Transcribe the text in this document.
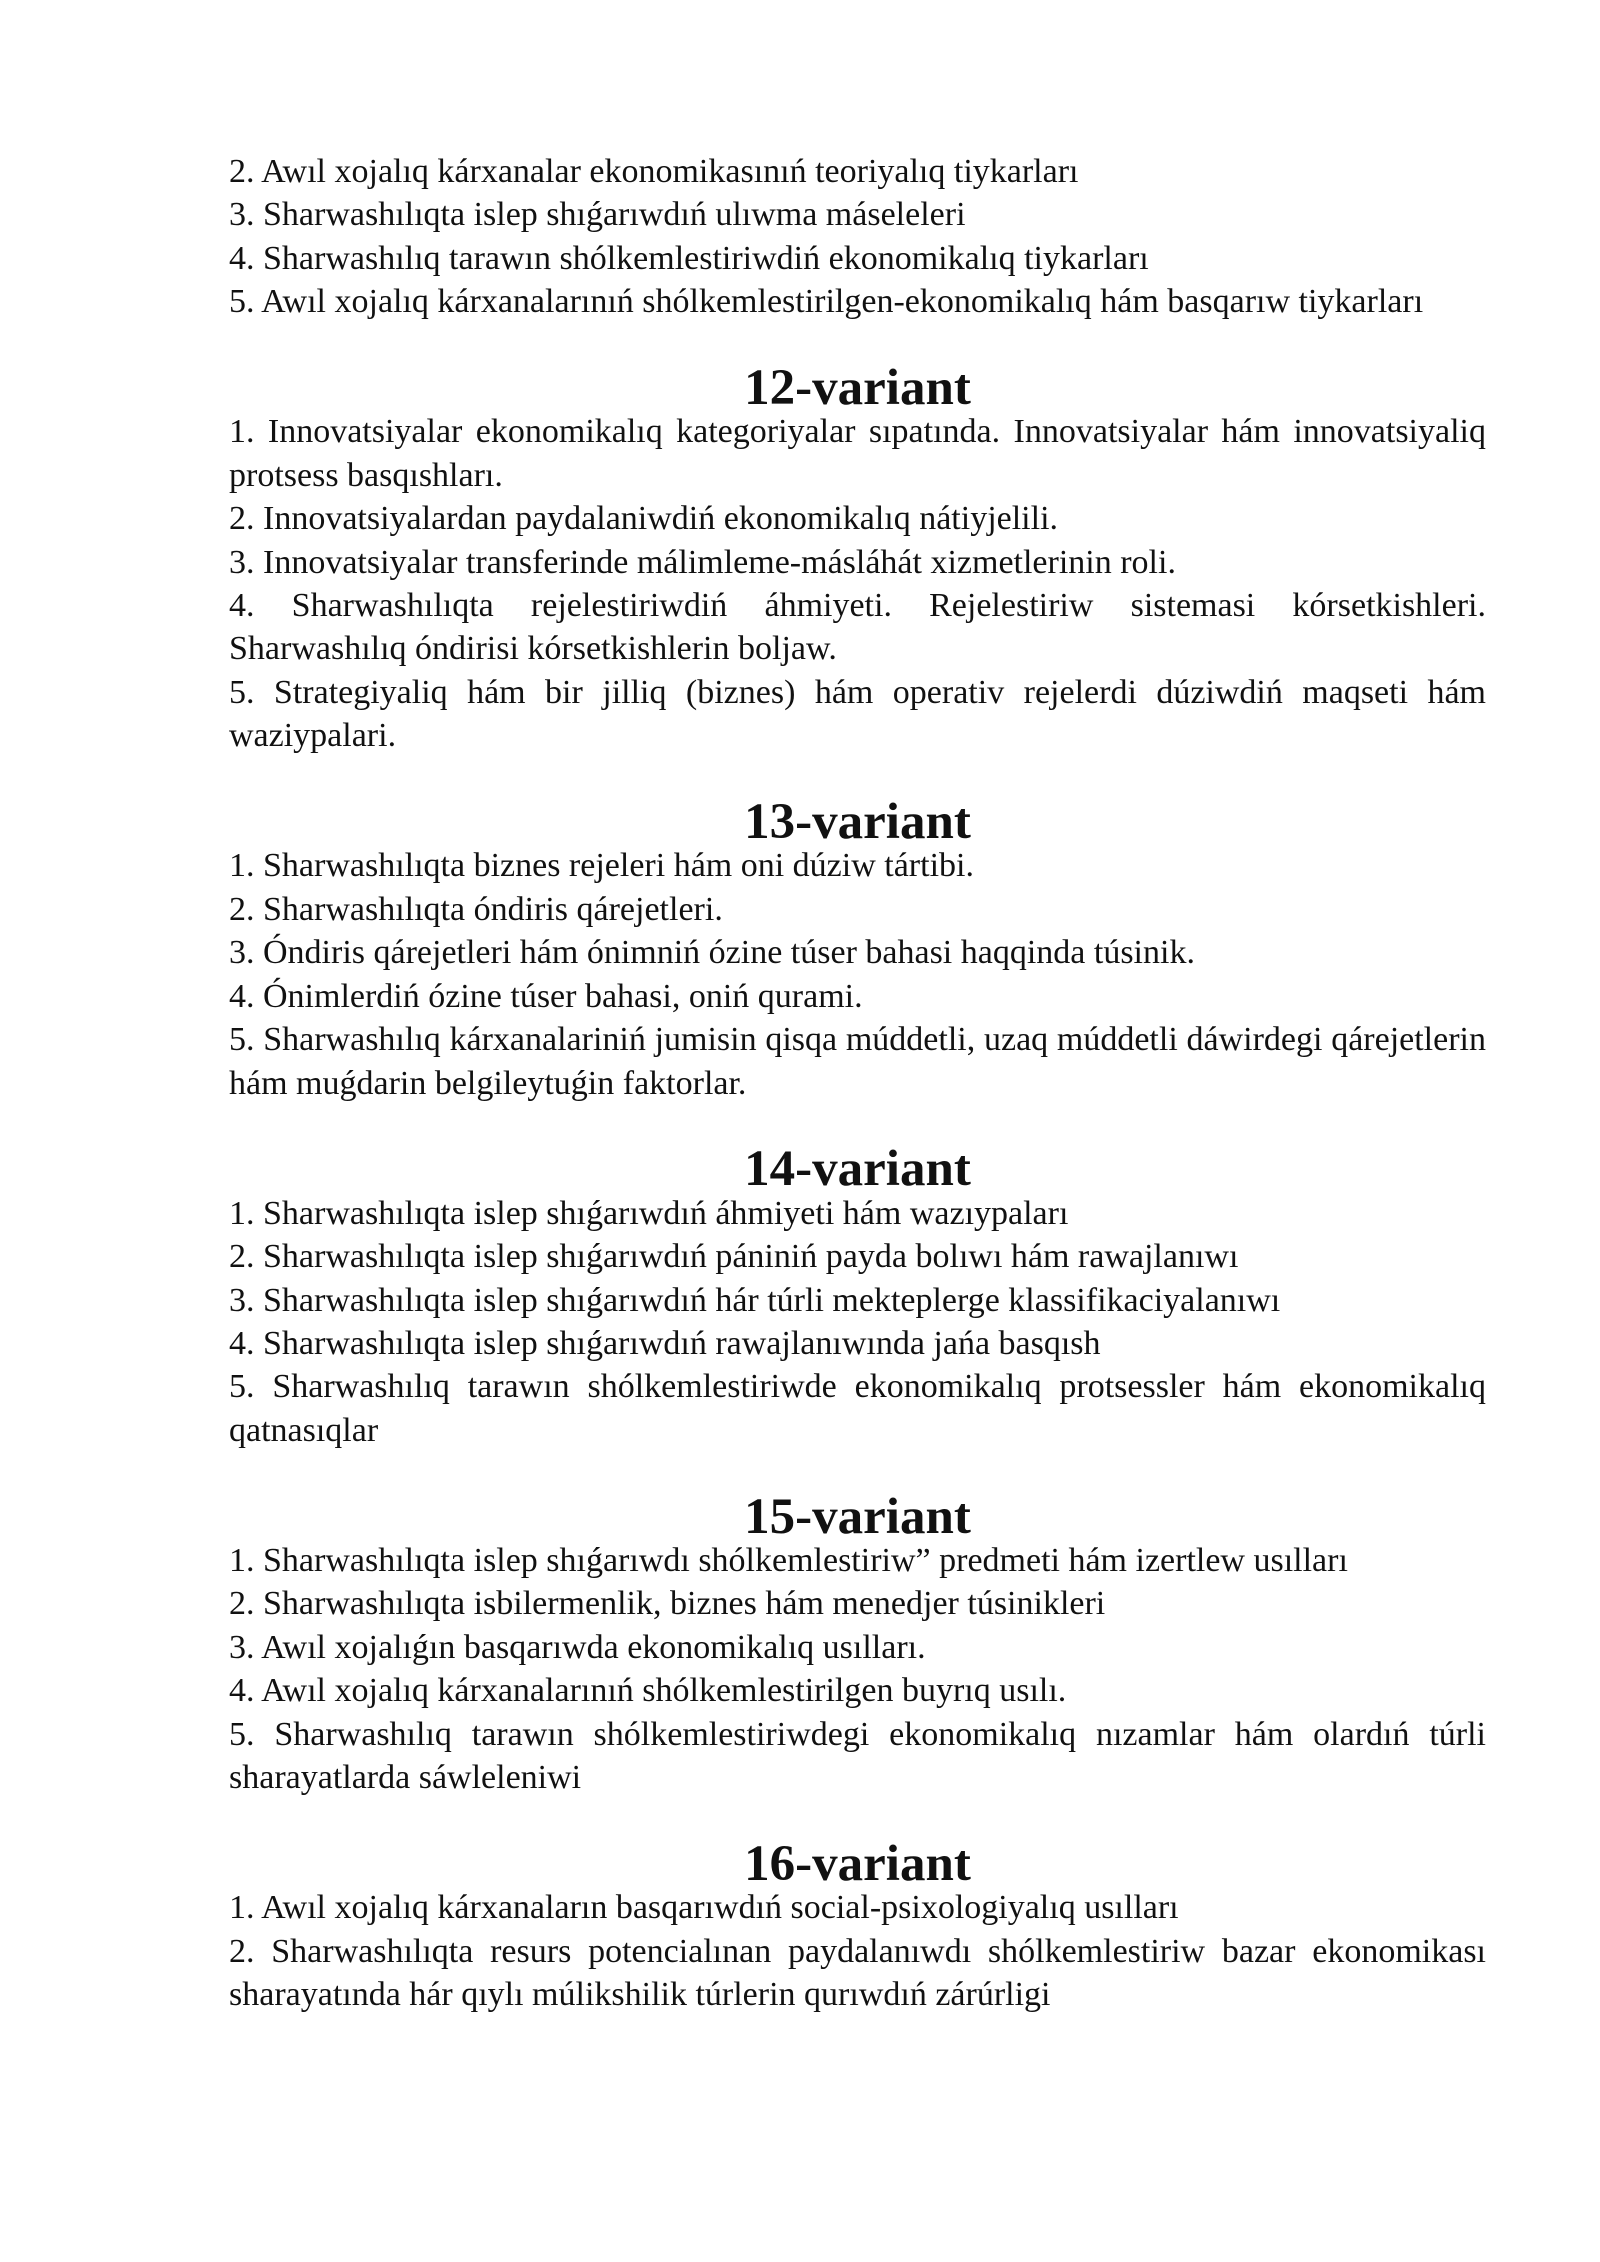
2. Awıl xojalıq kárxanalar ekonomikasınıń teoriyalıq tiykarları

3. Sharwashılıqta islep shıǵarıwdıń ulıwma máseleleri

4. Sharwashılıq tarawın shólkemlestiriwdiń ekonomikalıq tiykarları

5. Awıl xojalıq kárxanalarınıń shólkemlestirilgen-ekonomikalıq hám basqarıw tiykarları

12-variant

1. Innovatsiyalar ekonomikalıq kategoriyalar sıpatında. Innovatsiyalar hám innovatsiyaliq protsess basqıshları.

2. Innovatsiyalardan paydalaniwdiń ekonomikalıq nátiyjelili.

3. Innovatsiyalar transferinde málimleme-másláhát xizmetlerinin roli.

4. Sharwashılıqta rejelestiriwdiń áhmiyeti. Rejelestiriw sistemasi kórsetkishleri. Sharwashılıq óndirisi kórsetkishlerin boljaw.

5. Strategiyaliq hám bir jilliq (biznes) hám operativ rejelerdi dúziwdiń maqseti hám waziypalari.

13-variant

1. Sharwashılıqta biznes rejeleri hám oni dúziw tártibi.

2. Sharwashılıqta óndiris qárejetleri.

3. Óndiris qárejetleri hám ónimniń ózine túser bahasi haqqinda túsinik.

4. Ónimlerdiń ózine túser bahasi, oniń qurami.

5. Sharwashılıq kárxanalariniń jumisin qisqa múddetli, uzaq múddetli dáwirdegi qárejetlerin hám muǵdarin belgileytuǵin faktorlar.

14-variant

1. Sharwashılıqta islep shıǵarıwdıń áhmiyeti hám wazıypaları

2. Sharwashılıqta islep shıǵarıwdıń pániniń payda bolıwı hám rawajlanıwı

3. Sharwashılıqta islep shıǵarıwdıń hár túrli mekteplerge klassifikaciyalanıwı

4. Sharwashılıqta islep shıǵarıwdıń rawajlanıwında jańa basqısh

5. Sharwashılıq tarawın shólkemlestiriwde ekonomikalıq protsessler hám ekonomikalıq qatnasıqlar

15-variant

1. Sharwashılıqta islep shıǵarıwdı shólkemlestiriw” predmeti hám izertlew usılları

2. Sharwashılıqta isbilermenlik, biznes hám menedjer túsinikleri

3. Awıl xojalıǵın basqarıwda ekonomikalıq usılları.

4. Awıl xojalıq kárxanalarınıń shólkemlestirilgen buyrıq usılı.

5. Sharwashılıq tarawın shólkemlestiriwdegi ekonomikalıq nızamlar hám olardıń túrli sharayatlarda sáwleleniwi

16-variant

1. Awıl xojalıq kárxanaların basqarıwdıń social-psixologiyalıq usılları

2. Sharwashılıqta resurs potencialınan paydalanıwdı shólkemlestiriw bazar ekonomikası sharayatında hár qıylı múlikshilik túrlerin qurıwdıń zárúrligi
